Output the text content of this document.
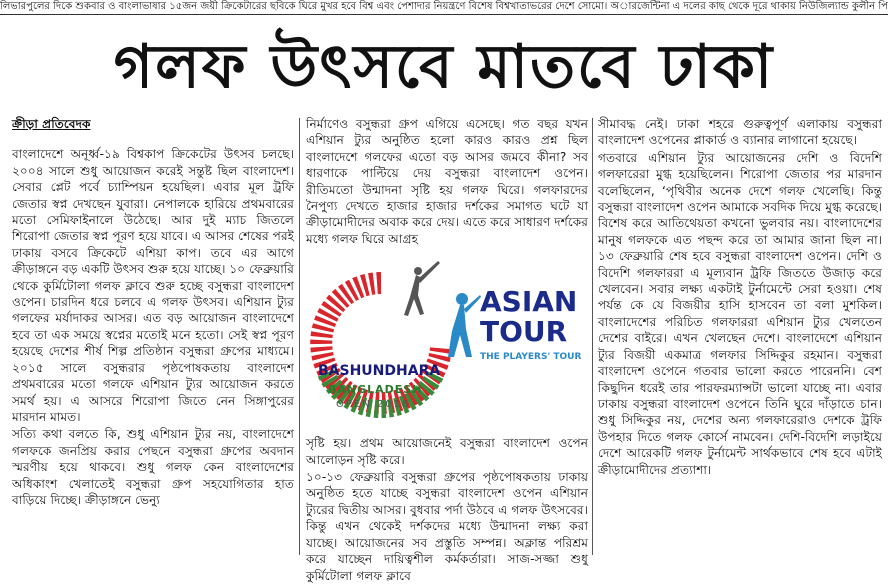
লিভারপুলের দিকে শুকবার ও বাংলাভাষার ১৫জন জয়ী ক্রিকেটারের ছবিকে ঘিরে মুখর হবে বিশ্ব এবং পেশাদার নিয়ন্ত্রণে বিশেষ বিশ্বখাতাভরের দেশে সোমো। অারজেন্টিনা এ দলের কাছ থেকে দূরে থাকায় নিউজিল্যান্ড কুলীন পি
গলফ উৎসবে মাতবে ঢাকা

ক্রীড়া প্রতিবেদক

বাংলাদেশে অনূর্ধ্ব-১৯ বিশ্বকাপ ক্রিকেটের উৎসব চলছে। ২০০৪ সালে শুধু আয়োজন করেই সন্তুষ্ট ছিল বাংলাদেশ। সেবার প্লেট পর্বে চ্যাম্পিয়ন হয়েছিল। এবার মূল ট্রফি জেতার স্বপ্ন দেখছেন যুবারা। নেপালকে হারিয়ে প্রথমবারের মতো সেমিফাইনালে উঠেছে। আর দুই ম্যাচ জিতলে শিরোপা জেতার স্বপ্ন পূরণ হয়ে যাবে। এ আসর শেষের পরই ঢাকায় বসবে ক্রিকেটে এশিয়া কাপ। তবে এর আগে ক্রীড়াঙ্গনে বড় একটি উৎসব শুরু হয়ে যাচ্ছে। ১০ ফেব্রুয়ারি থেকে কুর্মিটোলা গলফ ক্লাবে শুরু হচ্ছে বসুন্ধরা বাংলাদেশ ওপেন। চারদিন ধরে চলবে এ গলফ উৎসব। এশিয়ান ট্যুর গলফের মর্যাদাকর আসর। এত বড় আয়োজন বাংলাদেশে হবে তা এক সময়ে স্বপ্নের মতোই মনে হতো। সেই স্বপ্ন পূরণ হয়েছে দেশের শীর্ষ শিল্প প্রতিষ্ঠান বসুন্ধরা গ্রুপের মাধ্যমে। ২০১৫ সালে বসুন্ধরার পৃষ্ঠপোষকতায় বাংলাদেশ প্রথমবারের মতো গলফে এশিয়ান ট্যুর আয়োজন করতে সমর্থ হয়। এ আসরে শিরোপা জিতে নেন সিঙ্গাপুরের মারদান মামত।

সত্যি কথা বলতে কি, শুধু এশিয়ান ট্যুর নয়, বাংলাদেশে গলফকে জনপ্রিয় করার পেছনে বসুন্ধরা গ্রুপের অবদান স্মরণীয় হয়ে থাকবে। শুধু গলফ কেন বাংলাদেশের অধিকাংশ খেলাতেই বসুন্ধরা গ্রুপ সহযোগিতার হাত বাড়িয়ে দিচ্ছে। ক্রীড়াঙ্গনে ভেন্যু

নির্মাণেও বসুন্ধরা গ্রুপ এগিয়ে এসেছে। গত বছর যখন এশিয়ান ট্যুর অনুষ্ঠিত হলো কারও কারও প্রশ্ন ছিল বাংলাদেশে গলফের এতো বড় আসর জমবে কীনা? সব ধারণাকে পাল্টিয়ে দেয় বসুন্ধরা বাংলাদেশ ওপেন। রীতিমতো উন্মাদনা সৃষ্টি হয় গলফ ঘিরে। গলফারদের নৈপুণ্য দেখতে হাজার হাজার দর্শকের সমাগত ঘটে যা ক্রীড়ামোদীদের অবাক করে দেয়। এতে করে সাধারণ দর্শকের মধ্যে গলফ ঘিরে আগ্রহ

BASHUNDHARA
BANGLADESH
OPEN 2016
ASIAN
TOUR
THE PLAYERS' TOUR

সৃষ্টি হয়। প্রথম আয়োজনেই বসুন্ধরা বাংলাদেশ ওপেন আলোড়ন সৃষ্টি করে।

১০-১৩ ফেব্রুয়ারি বসুন্ধরা গ্রুপের পৃষ্ঠপোষকতায় ঢাকায় অনুষ্ঠিত হতে যাচ্ছে বসুন্ধরা বাংলাদেশ ওপেন এশিয়ান ট্যুরের দ্বিতীয় আসর। বুধবার পর্দা উঠবে এ গলফ উৎসবের। কিন্তু এখন থেকেই দর্শকদের মধ্যে উন্মাদনা লক্ষ্য করা যাচ্ছে। আয়োজনের সব প্রস্তুতি সম্পন্ন। অক্লান্ত পরিশ্রম করে যাচ্ছেন দায়িত্বশীল কর্মকর্তারা। সাজ-সজ্জা শুধু কুর্মিটোলা গলফ ক্লাবে

সীমাবদ্ধ নেই। ঢাকা শহরে গুরুত্বপূর্ণ এলাকায় বসুন্ধরা বাংলাদেশ ওপেনের প্লাকার্ড ও ব্যানার লাগানো হয়েছে।

গতবারে এশিয়ান ট্যুর আয়োজনের দেশি ও বিদেশি গলফারেরা মুগ্ধ হয়েছিলেন। শিরোপা জেতার পর মারদান বলেছিলেন, ‘পৃথিবীর অনেক দেশে গলফ খেলেছি। কিন্তু বসুন্ধরা বাংলাদেশ ওপেন আমাকে সবদিক দিয়ে মুগ্ধ করেছে। বিশেষ করে আতিথেয়তা কখনো ভুলবার নয়। বাংলাদেশের মানুষ গলফকে এত পছন্দ করে তা আমার জানা ছিল না। ১৩ ফেব্রুয়ারি শেষ হবে বসুন্ধরা বাংলাদেশ ওপেন। দেশি ও বিদেশি গলফাররা এ মূল্যবান ট্রফি জিততে উজাড় করে খেলবেন। সবার লক্ষ্য একটাই টুর্নামেন্টে সেরা হওয়া। শেষ পর্যন্ত কে যে বিজয়ীর হাসি হাসবেন তা বলা মুশকিল। বাংলাদেশের পরিচিত গলফাররা এশিয়ান ট্যুর খেলতেন দেশের বাইরে। এখন খেলছেন দেশে। বাংলাদেশে এশিয়ান ট্যুর বিজয়ী একমাত্র গলফার সিদ্দিকুর রহমান। বসুন্ধরা বাংলাদেশ ওপেনে গতবার ভালো করতে পারেননি। বেশ কিছুদিন ধরেই তার পারফরম্যান্সটা ভালো যাচ্ছে না। এবার ঢাকায় বসুন্ধরা বাংলাদেশ ওপেনে তিনি ঘুরে দাঁড়াতে চান। শুধু সিদ্দিকুর নয়, দেশের অন্য গলফারেরাও দেশকে ট্রফি উপহার দিতে গলফ কোর্সে নামবেন। দেশি-বিদেশি লড়াইয়ে দেশে আরেকটি গলফ টুর্নামেন্ট সার্থকভাবে শেষ হবে এটাই ক্রীড়ামোদীদের প্রত্যাশা।
